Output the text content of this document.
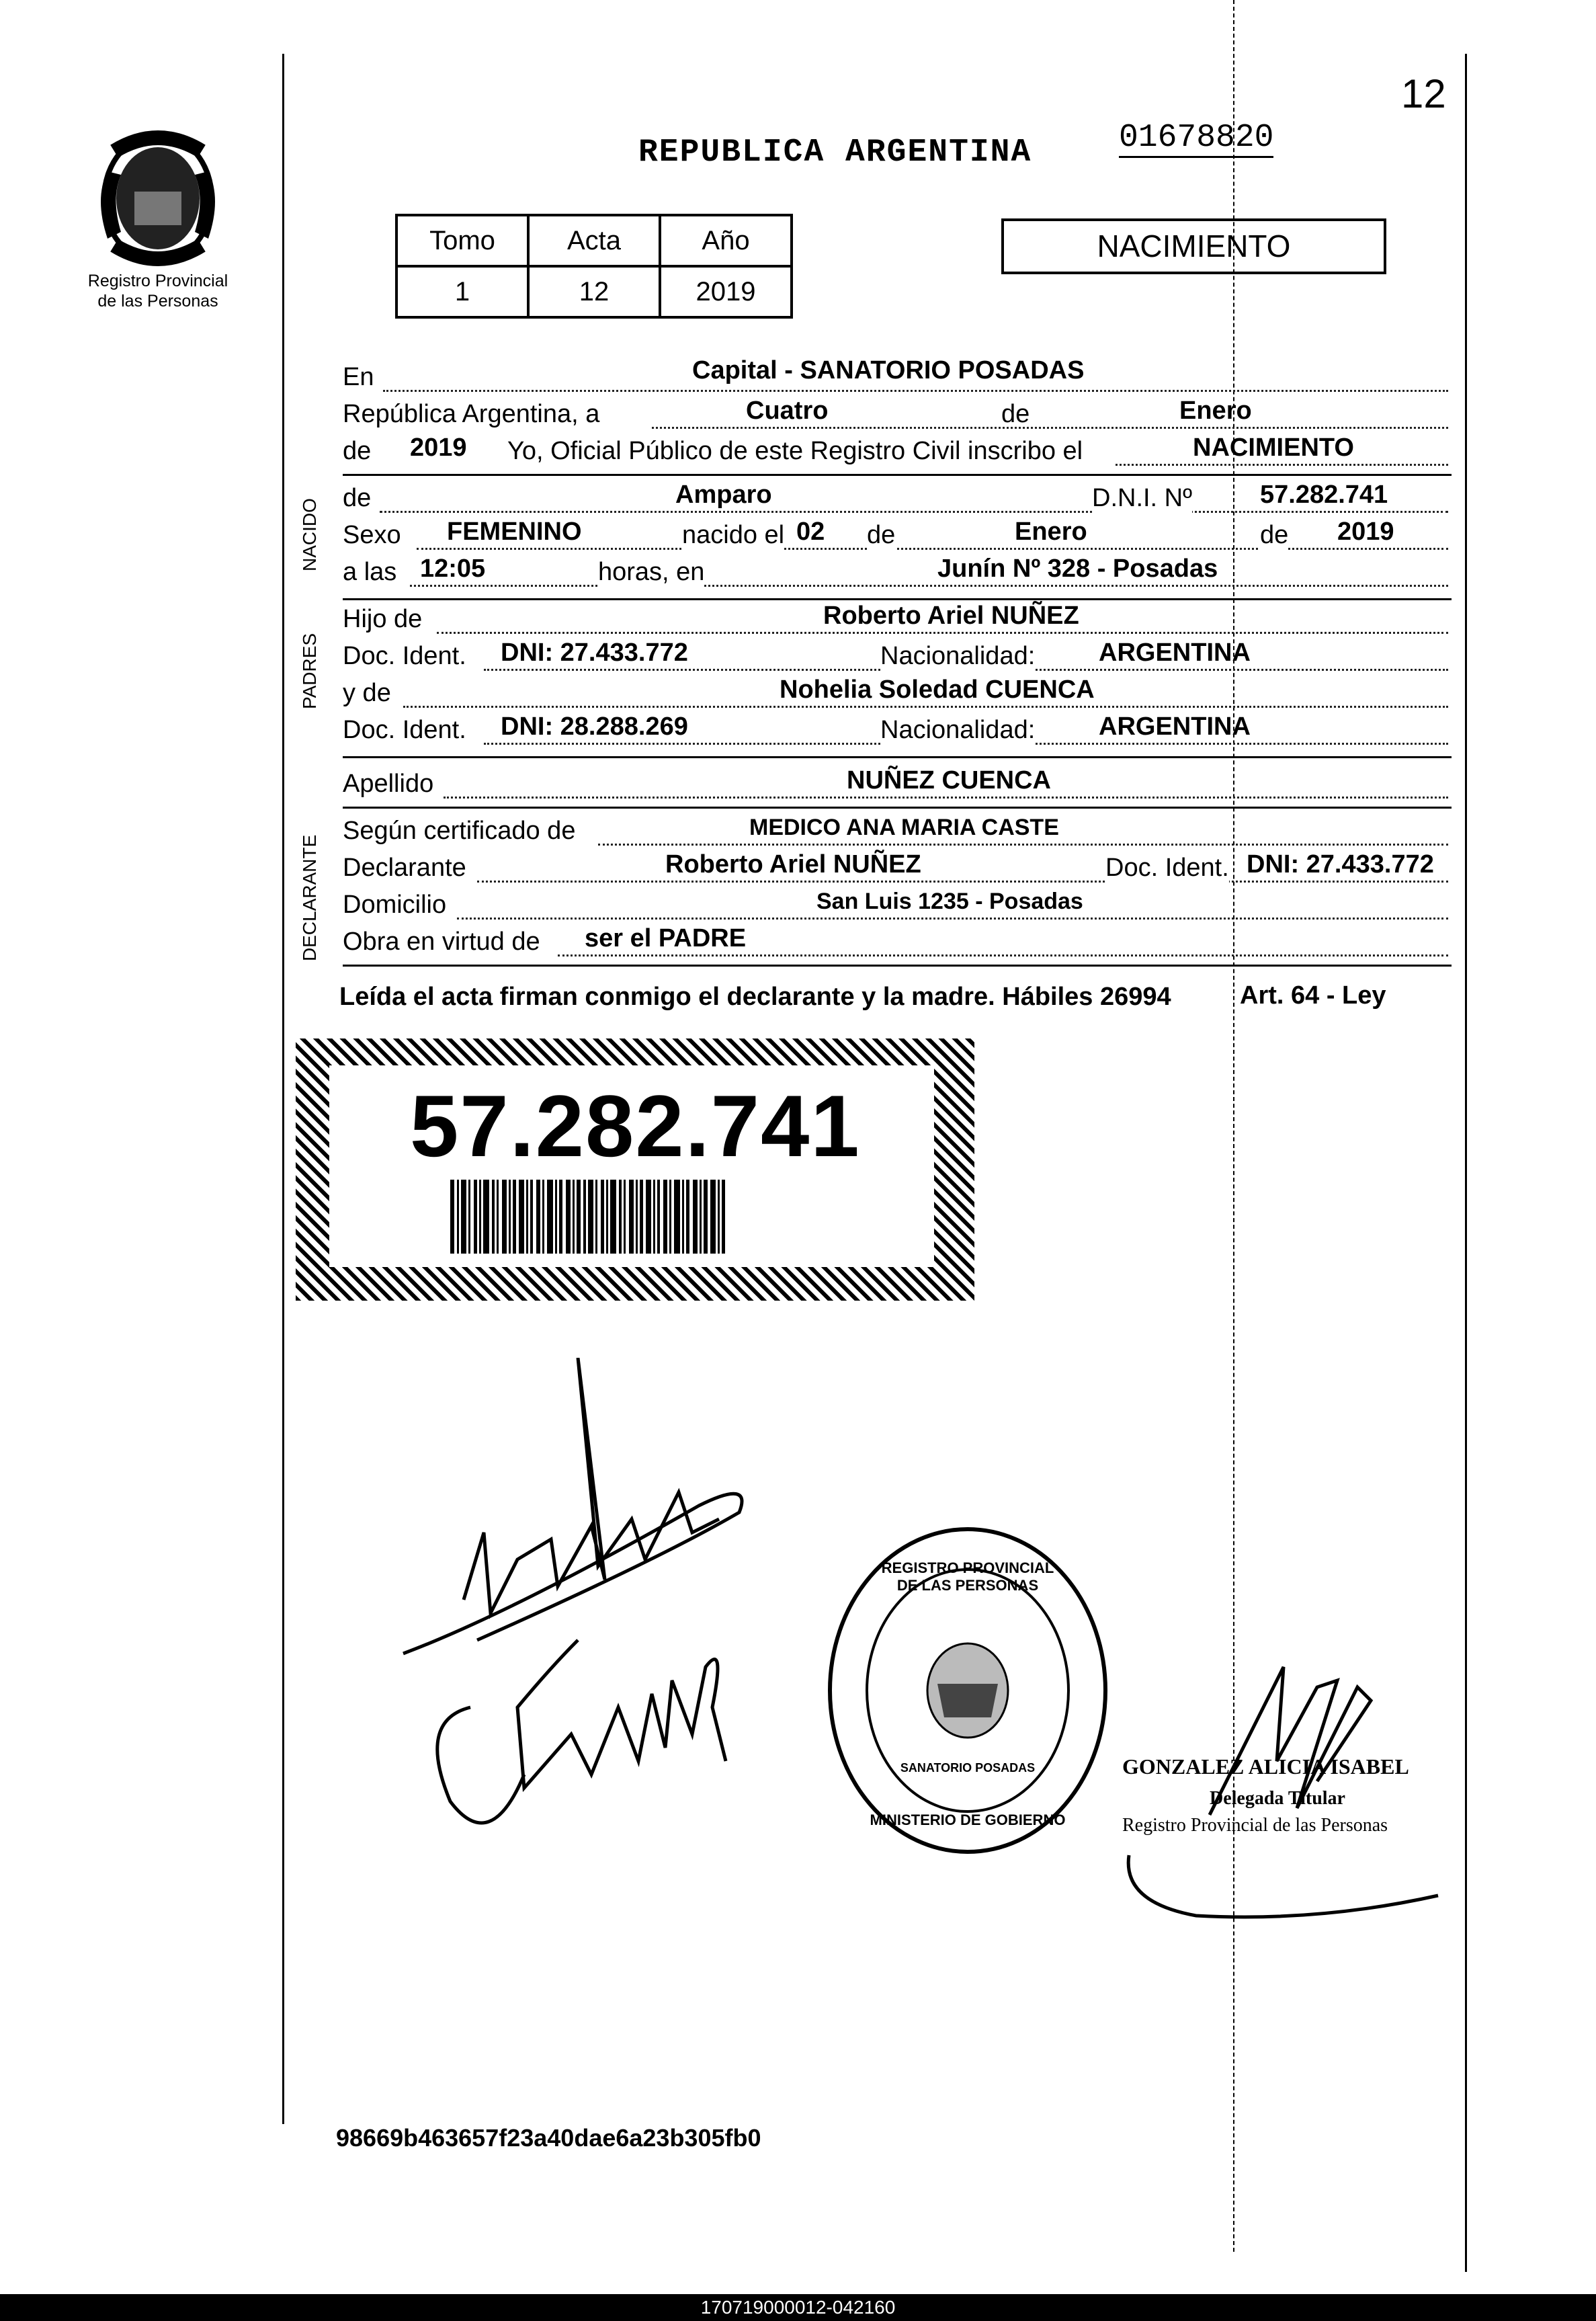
Registro Provincial
de las Personas
REPUBLICA ARGENTINA	01678820
12
Tomo	Acta	Año
1	12	2019
NACIMIENTO
En	Capital - SANATORIO POSADAS
República Argentina, a	Cuatro	de	Enero
de 2019 Yo, Oficial Público de este Registro Civil inscribo el	NACIMIENTO
NACIDO
de	Amparo	D.N.I. Nº	57.282.741
Sexo FEMENINO	nacido el 02 de	Enero	de 2019
a las 12:05	horas, en	Junín Nº 328 - Posadas
PADRES
Hijo de	Roberto Ariel NUÑEZ
Doc. Ident. DNI: 27.433.772	Nacionalidad: ARGENTINA
y de	Nohelia Soledad CUENCA
Doc. Ident. DNI: 28.288.269	Nacionalidad: ARGENTINA
Apellido	NUÑEZ CUENCA
DECLARANTE
Según certificado de	MEDICO ANA MARIA CASTE
Declarante	Roberto Ariel NUÑEZ	Doc. Ident. DNI: 27.433.772
Domicilio	San Luis 1235 - Posadas
Obra en virtud de ser el PADRE
Leída el acta firman conmigo el declarante y la madre. Hábiles 26994	Art. 64 - Ley
57.282.741
REGISTRO PROVINCIAL DE LAS PERSONAS
SANATORIO POSADAS
MINISTERIO DE GOBIERNO
GONZALEZ ALICIA ISABEL
Delegada Titular
Registro Provincial de las Personas
98669b463657f23a40dae6a23b305fb0
170719000012-042160
